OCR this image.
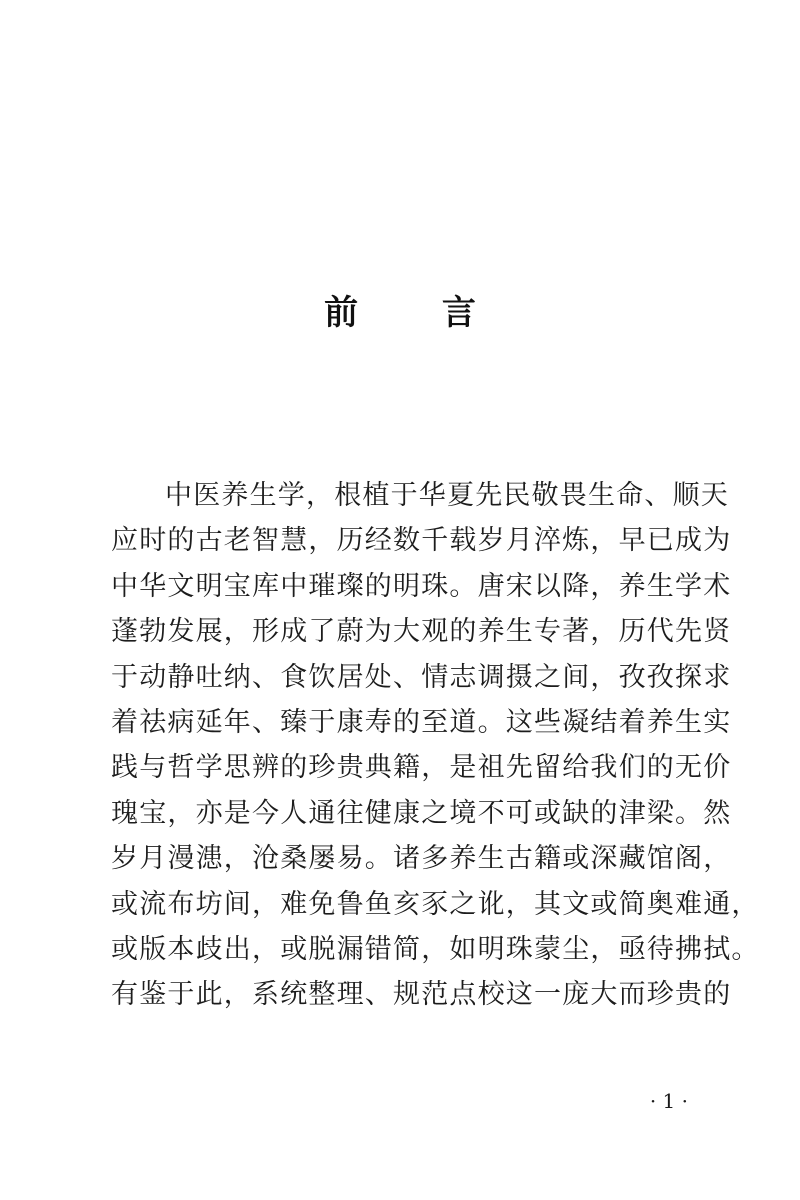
前 言

中医养生学，根植于华夏先民敬畏生命、顺天
应时的古老智慧，历经数千载岁月淬炼，早已成为
中华文明宝库中璀璨的明珠。唐宋以降，养生学术
蓬勃发展，形成了蔚为大观的养生专著，历代先贤
于动静吐纳、食饮居处、情志调摄之间，孜孜探求
着祛病延年、臻于康寿的至道。这些凝结着养生实
践与哲学思辨的珍贵典籍，是祖先留给我们的无价
瑰宝，亦是今人通往健康之境不可或缺的津梁。然
岁月漫漶，沧桑屡易。诸多养生古籍或深藏馆阁，
或流布坊间，难免鲁鱼亥豕之讹，其文或简奥难通，
或版本歧出，或脱漏错简，如明珠蒙尘，亟待拂拭。
有鉴于此，系统整理、规范点校这一庞大而珍贵的

· 1 ·
